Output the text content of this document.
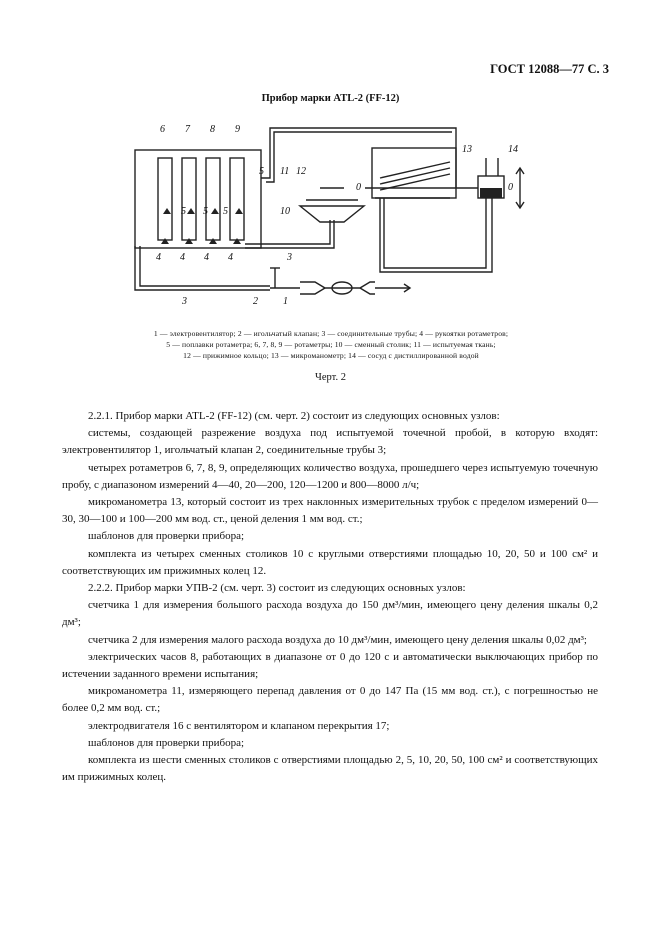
ГОСТ 12088—77 С. 3
Прибор марки ATL-2 (FF-12)
6 7 8 9
5 5 5
5
4 4 4 4	3
3	2	1
11 12
10
13	14
0	0
1 — электровентилятор; 2 — игольчатый клапан; 3 — соединительные трубы; 4 — рукоятки ротаметров;
5 — поплавки ротаметра; 6, 7, 8, 9 — ротаметры; 10 — сменный столик; 11 — испытуемая ткань;
12 — прижимное кольцо; 13 — микроманометр; 14 — сосуд с дистиллированной водой
Черт. 2

2.2.1. Прибор марки ATL-2 (FF-12) (см. черт. 2) состоит из следующих основных узлов:

системы, создающей разрежение воздуха под испытуемой точечной пробой, в которую входят: электровентилятор 1, игольчатый клапан 2, соединительные трубы 3;

четырех ротаметров 6, 7, 8, 9, определяющих количество воздуха, прошедшего через испытуемую точечную пробу, с диапазоном измерений 4—40, 20—200, 120—1200 и 800—8000 л/ч;

микроманометра 13, который состоит из трех наклонных измерительных трубок с пределом измерений 0—30, 30—100 и 100—200 мм вод. ст., ценой деления 1 мм вод. ст.;

шаблонов для проверки прибора;

комплекта из четырех сменных столиков 10 с круглыми отверстиями площадью 10, 20, 50 и 100 см² и соответствующих им прижимных колец 12.

2.2.2. Прибор марки УПВ-2 (см. черт. 3) состоит из следующих основных узлов:

счетчика 1 для измерения большого расхода воздуха до 150 дм³/мин, имеющего цену деления шкалы 0,2 дм³;

счетчика 2 для измерения малого расхода воздуха до 10 дм³/мин, имеющего цену деления шкалы 0,02 дм³;

электрических часов 8, работающих в диапазоне от 0 до 120 с и автоматически выключающих прибор по истечении заданного времени испытания;

микроманометра 11, измеряющего перепад давления от 0 до 147 Па (15 мм вод. ст.), с погрешностью не более 0,2 мм вод. ст.;

электродвигателя 16 с вентилятором и клапаном перекрытия 17;

шаблонов для проверки прибора;

комплекта из шести сменных столиков с отверстиями площадью 2, 5, 10, 20, 50, 100 см² и соответствующих им прижимных колец.
